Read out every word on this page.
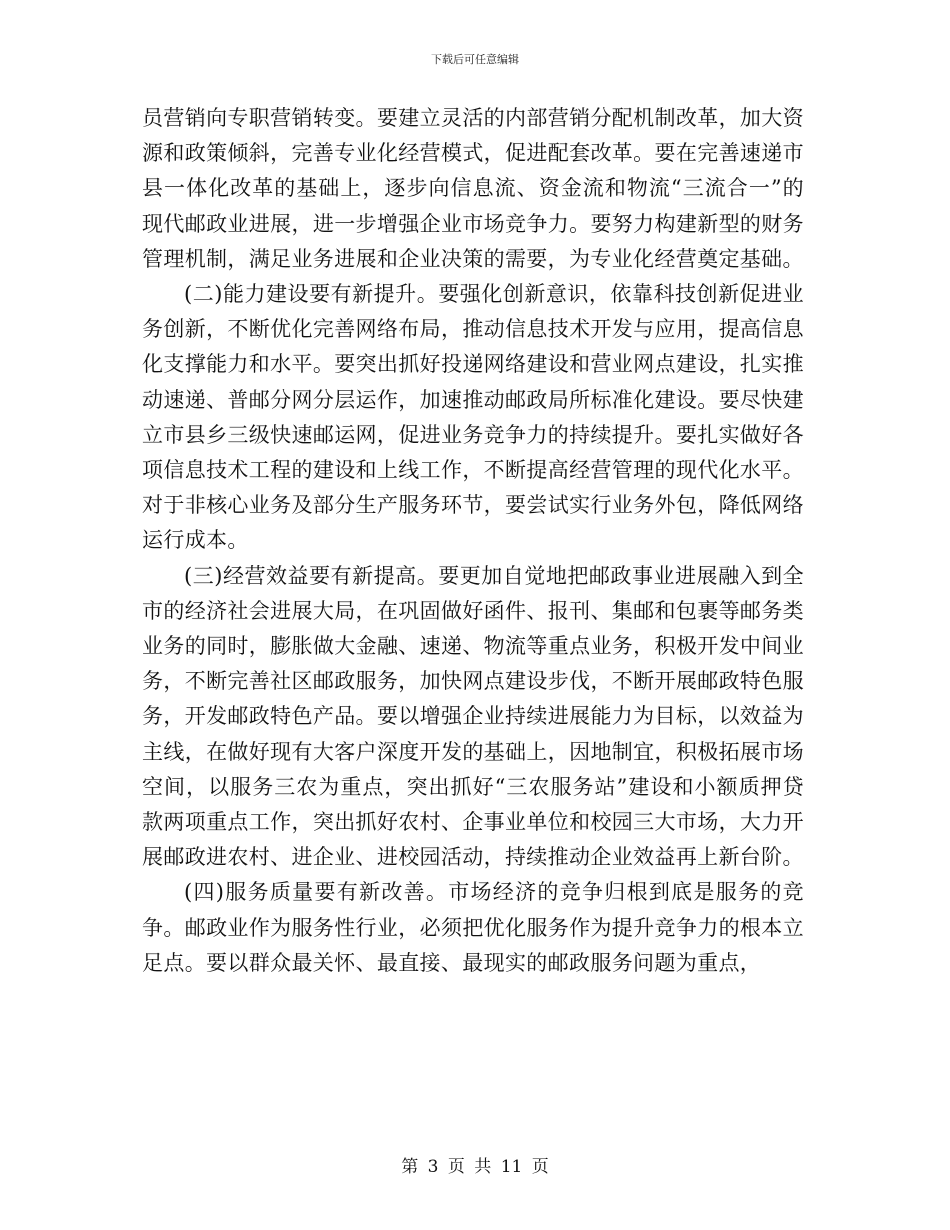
下载后可任意编辑

员营销向专职营销转变。要建立灵活的内部营销分配机制改革，加大资源和政策倾斜，完善专业化经营模式，促进配套改革。要在完善速递市县一体化改革的基础上，逐步向信息流、资金流和物流“三流合一”的现代邮政业进展，进一步增强企业市场竞争力。要努力构建新型的财务管理机制，满足业务进展和企业决策的需要，为专业化经营奠定基础。

(二)能力建设要有新提升。要强化创新意识，依靠科技创新促进业务创新，不断优化完善网络布局，推动信息技术开发与应用，提高信息化支撑能力和水平。要突出抓好投递网络建设和营业网点建设，扎实推动速递、普邮分网分层运作，加速推动邮政局所标准化建设。要尽快建立市县乡三级快速邮运网，促进业务竞争力的持续提升。要扎实做好各项信息技术工程的建设和上线工作，不断提高经营管理的现代化水平。对于非核心业务及部分生产服务环节，要尝试实行业务外包，降低网络运行成本。

(三)经营效益要有新提高。要更加自觉地把邮政事业进展融入到全市的经济社会进展大局，在巩固做好函件、报刊、集邮和包裹等邮务类业务的同时，膨胀做大金融、速递、物流等重点业务，积极开发中间业务，不断完善社区邮政服务，加快网点建设步伐，不断开展邮政特色服务，开发邮政特色产品。要以增强企业持续进展能力为目标，以效益为主线，在做好现有大客户深度开发的基础上，因地制宜，积极拓展市场空间，以服务三农为重点，突出抓好“三农服务站”建设和小额质押贷款两项重点工作，突出抓好农村、企事业单位和校园三大市场，大力开展邮政进农村、进企业、进校园活动，持续推动企业效益再上新台阶。

(四)服务质量要有新改善。市场经济的竞争归根到底是服务的竞争。邮政业作为服务性行业，必须把优化服务作为提升竞争力的根本立足点。要以群众最关怀、最直接、最现实的邮政服务问题为重点，

第 3 页 共 11 页
